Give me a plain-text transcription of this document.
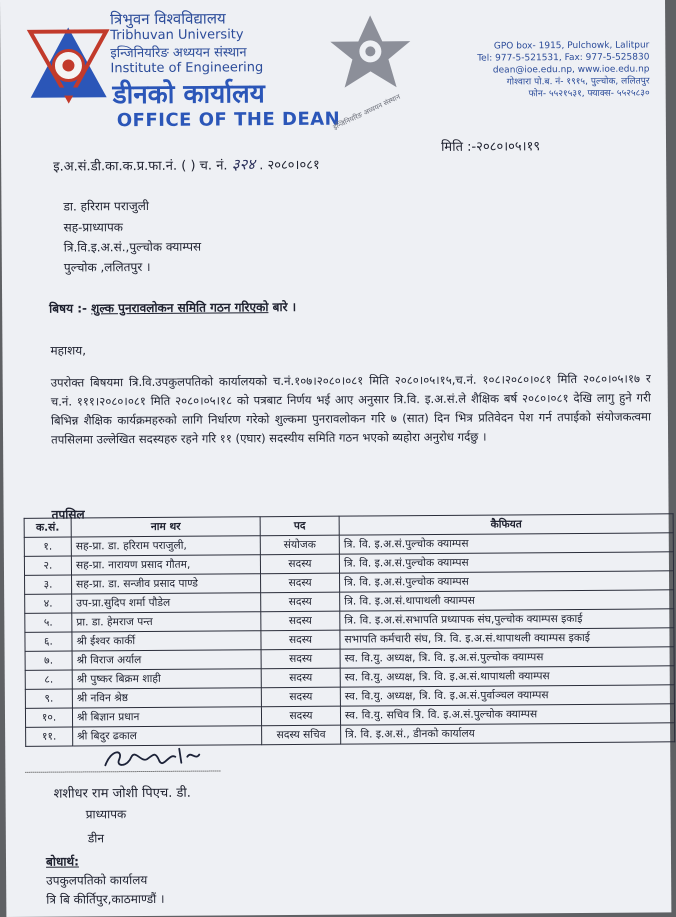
त्रिभुवन विश्वविद्यालय
Tribhuvan University
इन्जिनियरिङ अध्ययन संस्थान
Institute of Engineering
डीनको कार्यालय
OFFICE OF THE DEAN
इन्जिनियरिङ अध्ययन संस्थान
GPO box- 1915, Pulchowk, Lalitpur
Tel: 977-5-521531, Fax: 977-5-525830
dean@ioe.edu.np, www.ioe.edu.np
गोश्वारा पो.ब. नं- १९१५, पुल्चोक, ललितपुर
फोन- ५५२१५३१, फ्याक्स- ५५२५८३०
इ.अ.सं.डी.का.क.प्र.फा.नं. ( ) च. नं. ३२४ . २०८०।०८१
मिति :-२०८०।०५।१९
डा. हरिराम पराजुली
सह-प्राध्यापक
त्रि.वि.इ.अ.सं.,पुल्चोक क्याम्पस
पुल्चोक ,ललितपुर ।
बिषय :- शुल्क पुनरावलोकन समिति गठन गरिएको बारे ।
महाशय,
उपरोक्त बिषयमा त्रि.वि.उपकुलपतिको कार्यालयको च.नं.१०७।२०८०।०८१ मिति २०८०।०५।१५,च.नं. १०८।२०८०।०८१ मिति २०८०।०५।१७ र च.नं. १११।२०८०।०८१ मिति २०८०।०५।१८ को पत्रबाट निर्णय भई आए अनुसार त्रि.वि. इ.अ.सं.ले शैक्षिक बर्ष २०८०।०८१ देखि लागु हुने गरी बिभिन्न शैक्षिक कार्यक्रमहरुको लागि निर्धारण गरेको शुल्कमा पुनरावलोकन गरि ७ (सात) दिन भित्र प्रतिवेदन पेश गर्न तपाईको संयोजकत्वमा तपसिलमा उल्लेखित सदस्यहरु रहने गरि ११ (एघार) सदस्यीय समिति गठन भएको ब्यहोरा अनुरोध गर्दछु ।
तपसिल
क.सं.	नाम थर	पद	कैफियत
१.	सह-प्रा. डा. हरिराम पराजुली,	संयोजक	त्रि. वि. इ.अ.सं.पुल्चोक क्याम्पस
२.	सह-प्रा. नारायण प्रसाद गौतम,	सदस्य	त्रि. वि. इ.अ.सं.पुल्चोक क्याम्पस
३.	सह-प्रा. डा. सन्जीव प्रसाद पाण्डे	सदस्य	त्रि. वि. इ.अ.सं.पुल्चोक क्याम्पस
४.	उप-प्रा.सुदिप शर्मा पौडेल	सदस्य	त्रि. वि. इ.अ.सं.थापाथली क्याम्पस
५.	प्रा. डा. हेमराज पन्त	सदस्य	त्रि. वि. इ.अ.सं.सभापति प्रध्यापक संघ,पुल्चोक क्याम्पस इकाई
६.	श्री ईश्वर कार्की	सदस्य	सभापति कर्मचारी संघ, त्रि. वि. इ.अ.सं.थापाथली क्याम्पस इकाई
७.	श्री विराज अर्याल	सदस्य	स्व. वि.यु. अध्यक्ष, त्रि. वि. इ.अ.सं.पुल्चोक क्याम्पस
८.	श्री पुष्कर बिक्रम शाही	सदस्य	स्व. वि.यु. अध्यक्ष, त्रि. वि. इ.अ.सं.थापाथली क्याम्पस
९.	श्री नविन श्रेष्ठ	सदस्य	स्व. वि.यु. अध्यक्ष, त्रि. वि. इ.अ.सं.पुर्वाञ्चल क्याम्पस
१०.	श्री बिज्ञान प्रधान	सदस्य	स्व. वि.यु. सचिव त्रि. वि. इ.अ.सं.पुल्चोक क्याम्पस
११.	श्री बिदुर ढकाल	सदस्य सचिव	त्रि. वि. इ.अ.सं., डीनको कार्यालय
शशीधर राम जोशी पिएच. डी.
प्राध्यापक
डीन
बोधार्थ:
उपकुलपतिको कार्यालय
त्रि बि कीर्तिपुर,काठमाण्डौं ।
